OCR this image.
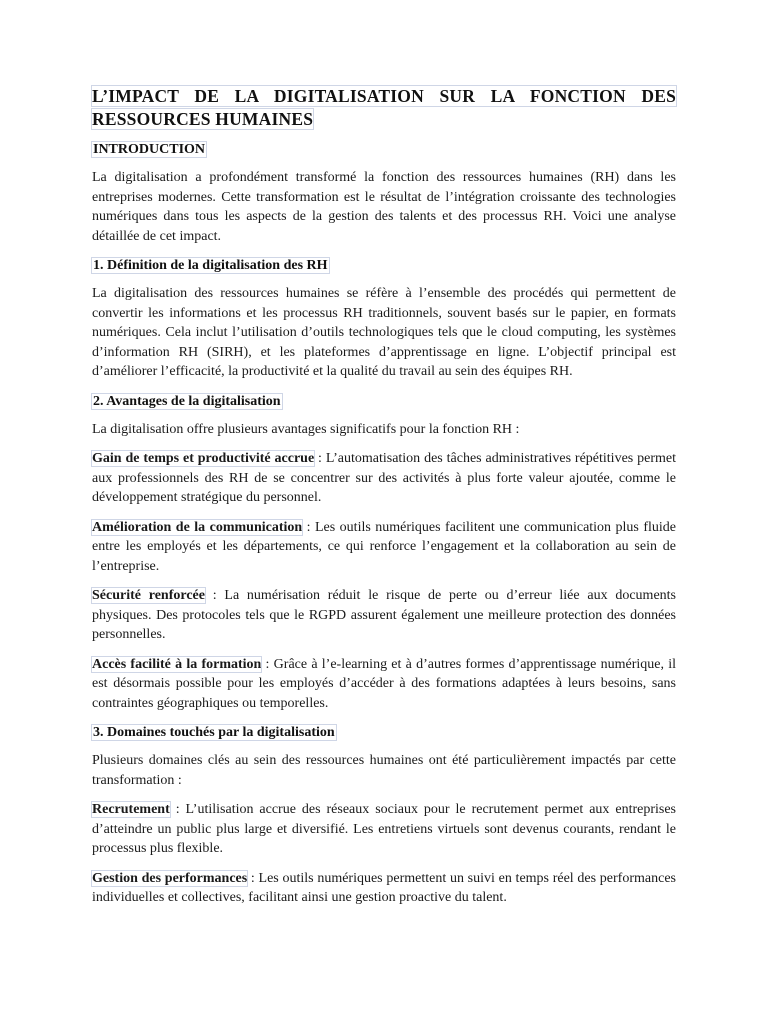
L’IMPACT DE LA DIGITALISATION SUR LA FONCTION DES RESSOURCES HUMAINES
INTRODUCTION

La digitalisation a profondément transformé la fonction des ressources humaines (RH) dans les entreprises modernes. Cette transformation est le résultat de l’intégration croissante des technologies numériques dans tous les aspects de la gestion des talents et des processus RH. Voici une analyse détaillée de cet impact.

1. Définition de la digitalisation des RH

La digitalisation des ressources humaines se réfère à l’ensemble des procédés qui permettent de convertir les informations et les processus RH traditionnels, souvent basés sur le papier, en formats numériques. Cela inclut l’utilisation d’outils technologiques tels que le cloud computing, les systèmes d’information RH (SIRH), et les plateformes d’apprentissage en ligne. L’objectif principal est d’améliorer l’efficacité, la productivité et la qualité du travail au sein des équipes RH.

2. Avantages de la digitalisation

La digitalisation offre plusieurs avantages significatifs pour la fonction RH :

Gain de temps et productivité accrue : L’automatisation des tâches administratives répétitives permet aux professionnels des RH de se concentrer sur des activités à plus forte valeur ajoutée, comme le développement stratégique du personnel.

Amélioration de la communication : Les outils numériques facilitent une communication plus fluide entre les employés et les départements, ce qui renforce l’engagement et la collaboration au sein de l’entreprise.

Sécurité renforcée : La numérisation réduit le risque de perte ou d’erreur liée aux documents physiques. Des protocoles tels que le RGPD assurent également une meilleure protection des données personnelles.

Accès facilité à la formation : Grâce à l’e-learning et à d’autres formes d’apprentissage numérique, il est désormais possible pour les employés d’accéder à des formations adaptées à leurs besoins, sans contraintes géographiques ou temporelles.

3. Domaines touchés par la digitalisation

Plusieurs domaines clés au sein des ressources humaines ont été particulièrement impactés par cette transformation :

Recrutement : L’utilisation accrue des réseaux sociaux pour le recrutement permet aux entreprises d’atteindre un public plus large et diversifié. Les entretiens virtuels sont devenus courants, rendant le processus plus flexible.

Gestion des performances : Les outils numériques permettent un suivi en temps réel des performances individuelles et collectives, facilitant ainsi une gestion proactive du talent.
